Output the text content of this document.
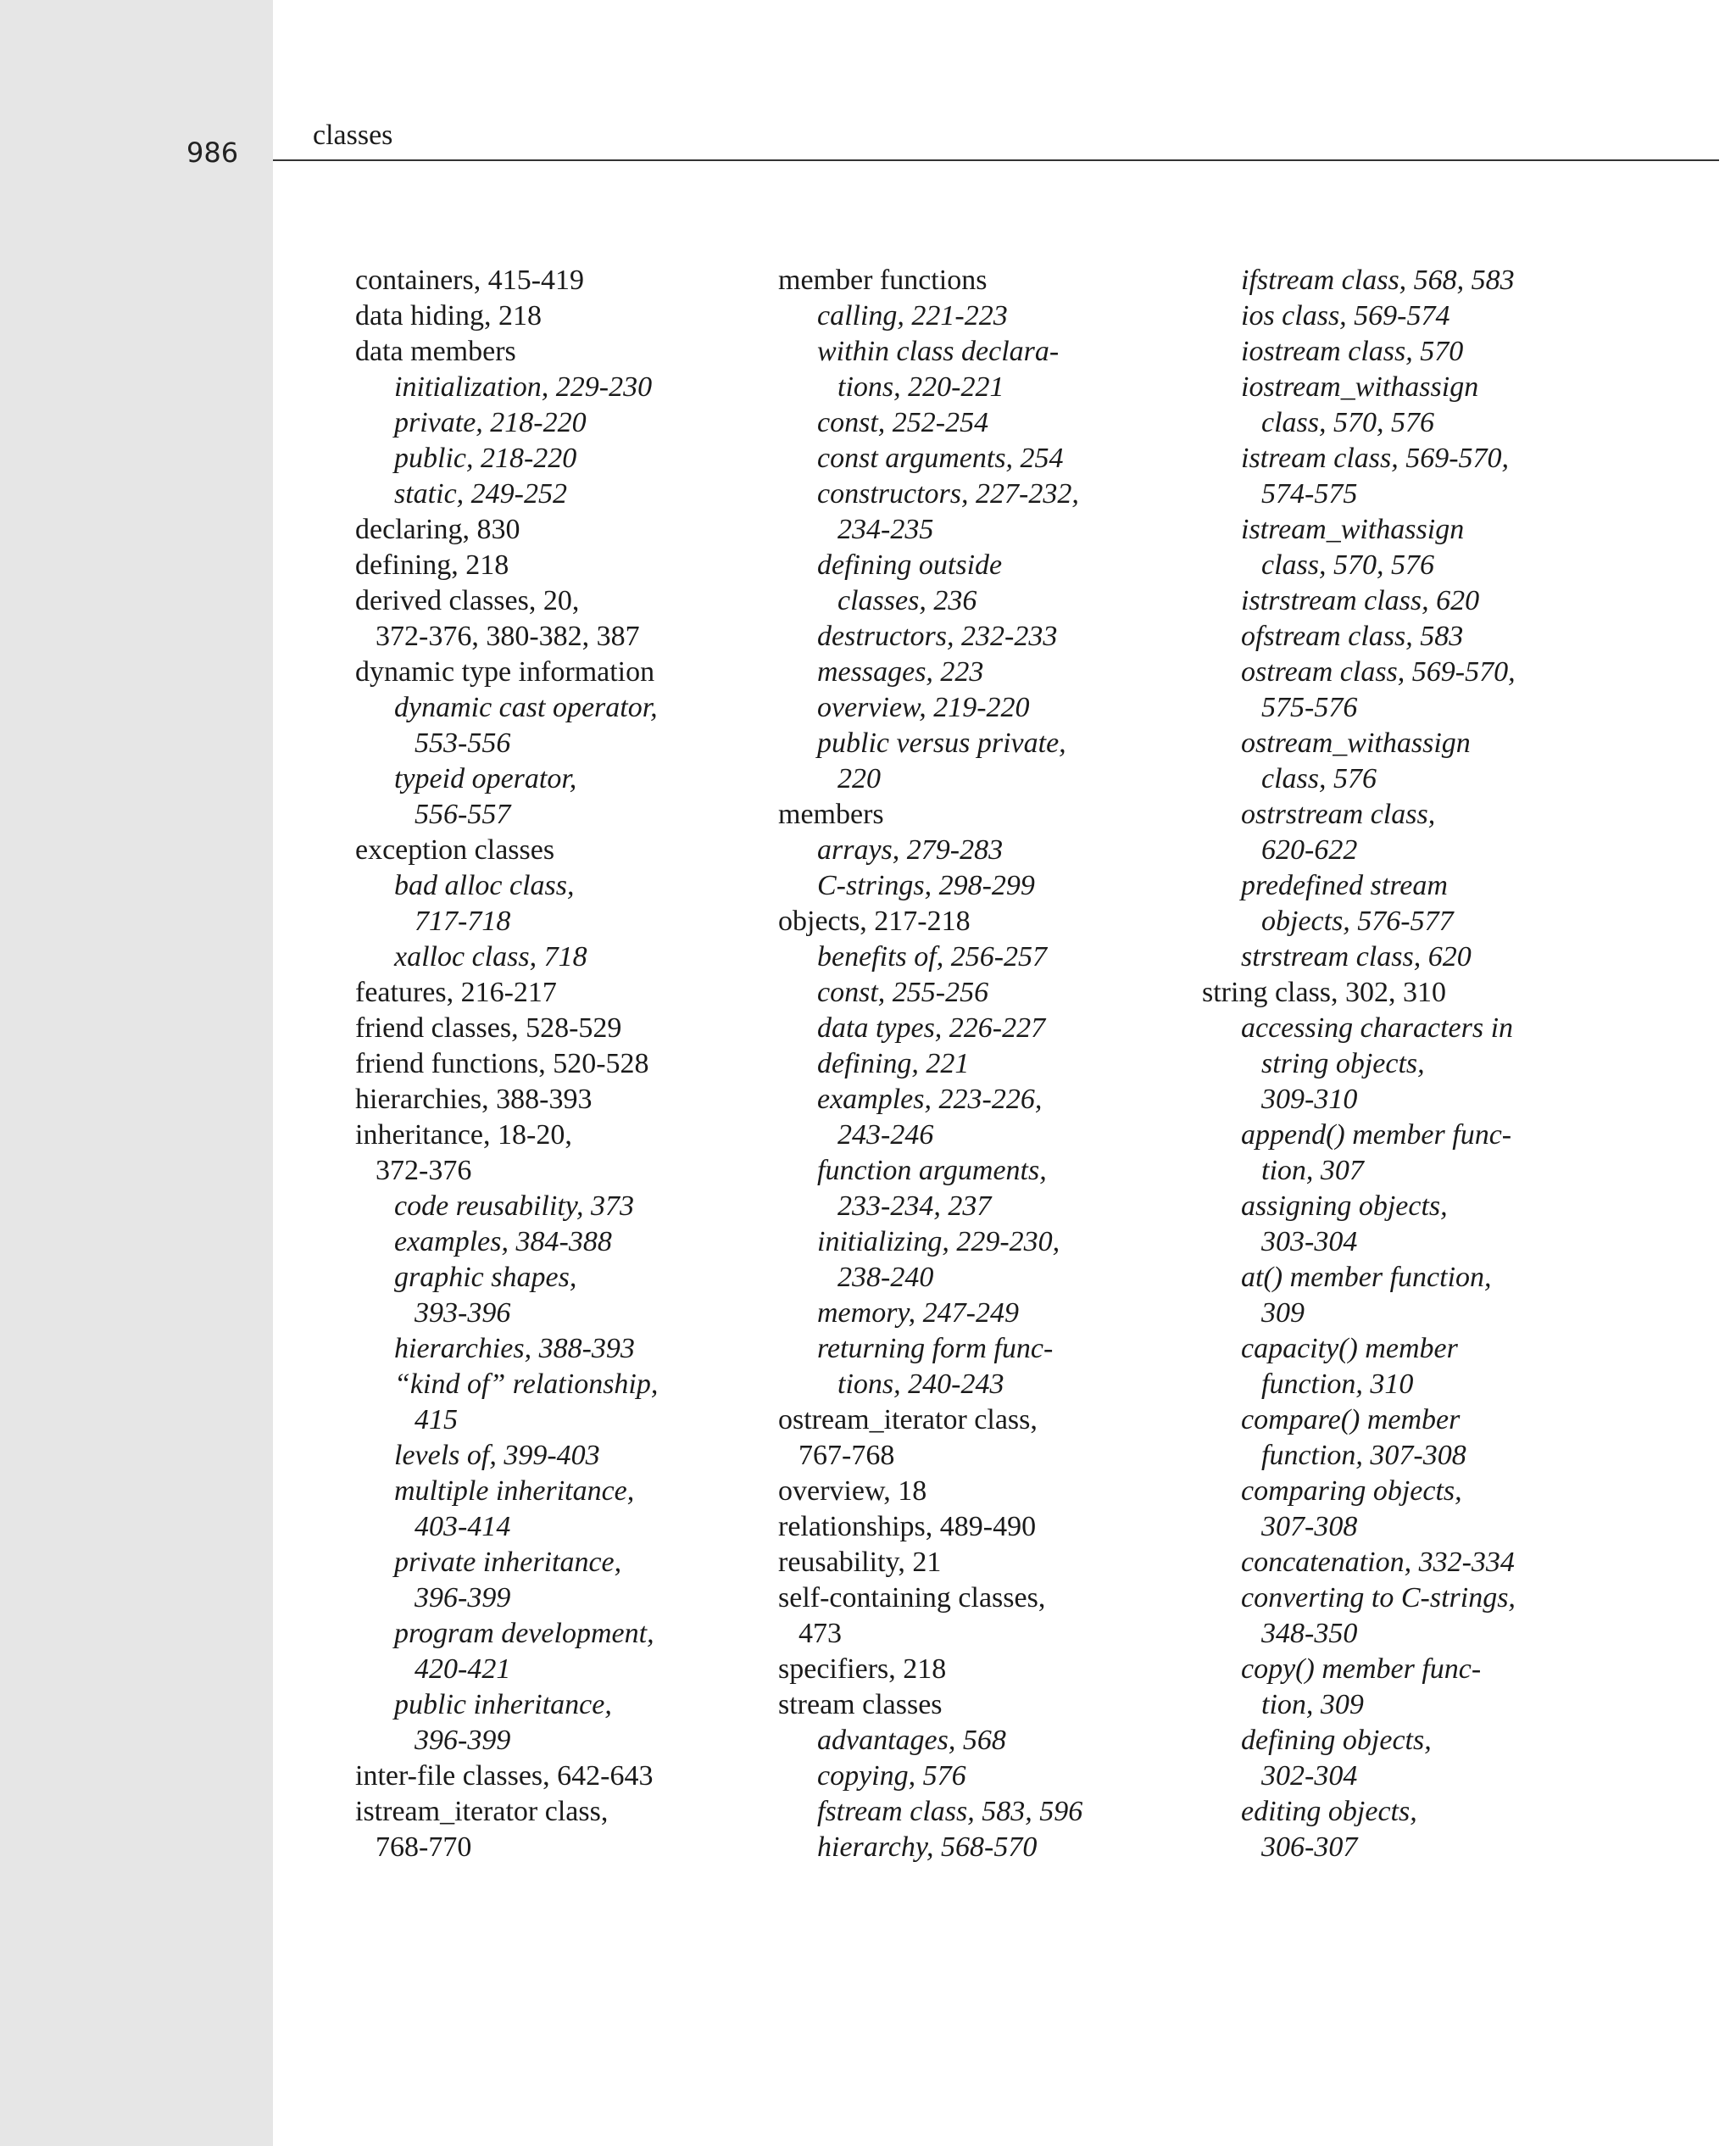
986
classes
containers, 415-419
data hiding, 218
data members
initialization, 229-230
private, 218-220
public, 218-220
static, 249-252
declaring, 830
defining, 218
derived classes, 20,
372-376, 380-382, 387
dynamic type information
dynamic cast operator,
553-556
typeid operator,
556-557
exception classes
bad alloc class,
717-718
xalloc class, 718
features, 216-217
friend classes, 528-529
friend functions, 520-528
hierarchies, 388-393
inheritance, 18-20,
372-376
code reusability, 373
examples, 384-388
graphic shapes,
393-396
hierarchies, 388-393
“kind of” relationship,
415
levels of, 399-403
multiple inheritance,
403-414
private inheritance,
396-399
program development,
420-421
public inheritance,
396-399
inter-file classes, 642-643
istream_iterator class,
768-770
member functions
calling, 221-223
within class declara-
tions, 220-221
const, 252-254
const arguments, 254
constructors, 227-232,
234-235
defining outside
classes, 236
destructors, 232-233
messages, 223
overview, 219-220
public versus private,
220
members
arrays, 279-283
C-strings, 298-299
objects, 217-218
benefits of, 256-257
const, 255-256
data types, 226-227
defining, 221
examples, 223-226,
243-246
function arguments,
233-234, 237
initializing, 229-230,
238-240
memory, 247-249
returning form func-
tions, 240-243
ostream_iterator class,
767-768
overview, 18
relationships, 489-490
reusability, 21
self-containing classes,
473
specifiers, 218
stream classes
advantages, 568
copying, 576
fstream class, 583, 596
hierarchy, 568-570
ifstream class, 568, 583
ios class, 569-574
iostream class, 570
iostream_withassign
class, 570, 576
istream class, 569-570,
574-575
istream_withassign
class, 570, 576
istrstream class, 620
ofstream class, 583
ostream class, 569-570,
575-576
ostream_withassign
class, 576
ostrstream class,
620-622
predefined stream
objects, 576-577
strstream class, 620
string class, 302, 310
accessing characters in
string objects,
309-310
append() member func-
tion, 307
assigning objects,
303-304
at() member function,
309
capacity() member
function, 310
compare() member
function, 307-308
comparing objects,
307-308
concatenation, 332-334
converting to C-strings,
348-350
copy() member func-
tion, 309
defining objects,
302-304
editing objects,
306-307
